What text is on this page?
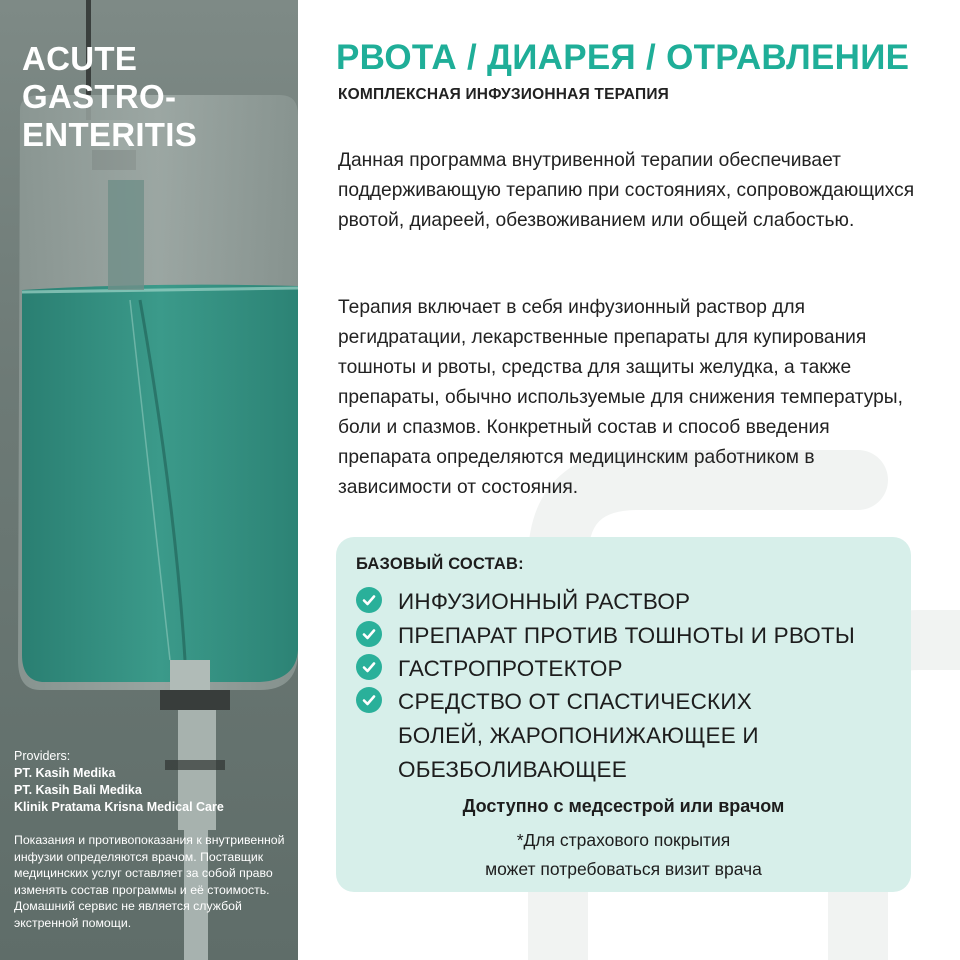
ACUTE GASTRO-
ENTERITIS
Providers:
PT. Kasih Medika
PT. Kasih Bali Medika
Klinik Pratama Krisna Medical Care
Показания и противопоказания к внутривенной инфузии определяются врачом. Поставщик медицинских услуг оставляет за собой право изменять состав программы и её стоимость. Домашний сервис не является службой экстренной помощи.
РВОТА / ДИАРЕЯ / ОТРАВЛЕНИЕ
КОМПЛЕКСНАЯ ИНФУЗИОННАЯ ТЕРАПИЯ

Данная программа внутривенной терапии обеспечивает поддерживающую терапию при состояниях, сопровождающихся рвотой, диареей, обезвоживанием или общей слабостью.

Терапия включает в себя инфузионный раствор для регидратации, лекарственные препараты для купирования тошноты и рвоты, средства для защиты желудка, а также препараты, обычно используемые для снижения температуры, боли и спазмов. Конкретный состав и способ введения препарата определяются медицинским работником в зависимости от состояния.

БАЗОВЫЙ СОСТАВ:
ИНФУЗИОННЫЙ РАСТВОР
ПРЕПАРАТ ПРОТИВ ТОШНОТЫ И РВОТЫ
ГАСТРОПРОТЕКТОР
СРЕДСТВО ОТ СПАСТИЧЕСКИХ БОЛЕЙ, ЖАРОПОНИЖАЮЩЕЕ И ОБЕЗБОЛИВАЮЩЕЕ
Доступно с медсестрой или врачом
*Для страхового покрытия
может потребоваться визит врача
